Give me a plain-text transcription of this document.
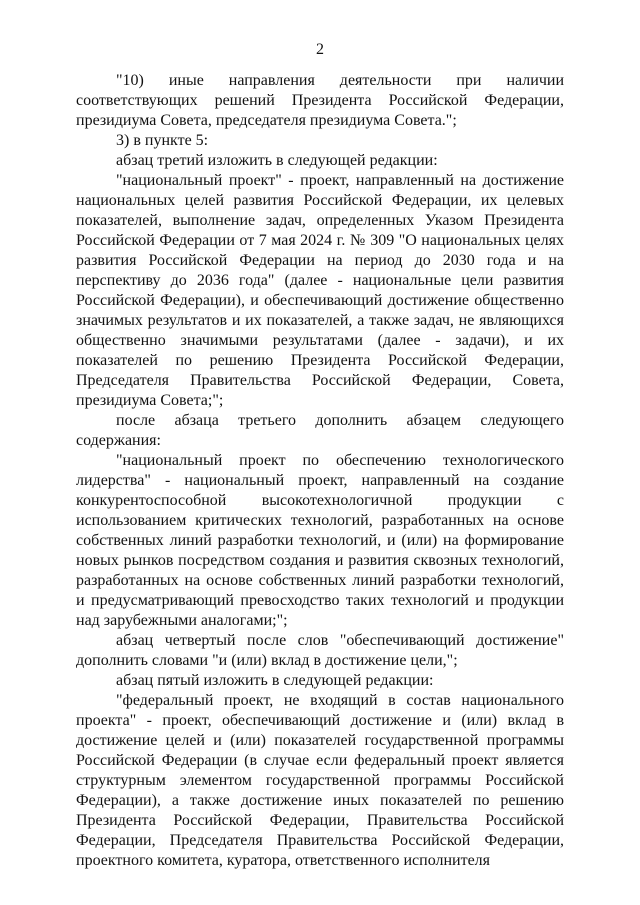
2

"10) иные направления деятельности при наличии соответствующих решений Президента Российской Федерации, президиума Совета, председателя президиума Совета.";

3) в пункте 5:

абзац третий изложить в следующей редакции:

"национальный проект" - проект, направленный на достижение национальных целей развития Российской Федерации, их целевых показателей, выполнение задач, определенных Указом Президента Российской Федерации от 7 мая 2024 г. № 309 "О национальных целях развития Российской Федерации на период до 2030 года и на перспективу до 2036 года" (далее - национальные цели развития Российской Федерации), и обеспечивающий достижение общественно значимых результатов и их показателей, а также задач, не являющихся общественно значимыми результатами (далее - задачи), и их показателей по решению Президента Российской Федерации, Председателя Правительства Российской Федерации, Совета, президиума Совета;";

после абзаца третьего дополнить абзацем следующего содержания:

"национальный проект по обеспечению технологического лидерства" - национальный проект, направленный на создание конкурентоспособной высокотехнологичной продукции с использованием критических технологий, разработанных на основе собственных линий разработки технологий, и (или) на формирование новых рынков посредством создания и развития сквозных технологий, разработанных на основе собственных линий разработки технологий, и предусматривающий превосходство таких технологий и продукции над зарубежными аналогами;";

абзац четвертый после слов "обеспечивающий достижение" дополнить словами "и (или) вклад в достижение цели,";

абзац пятый изложить в следующей редакции:

"федеральный проект, не входящий в состав национального проекта" - проект, обеспечивающий достижение и (или) вклад в достижение целей и (или) показателей государственной программы Российской Федерации (в случае если федеральный проект является структурным элементом государственной программы Российской Федерации), а также достижение иных показателей по решению Президента Российской Федерации, Правительства Российской Федерации, Председателя Правительства Российской Федерации, проектного комитета, куратора, ответственного исполнителя
